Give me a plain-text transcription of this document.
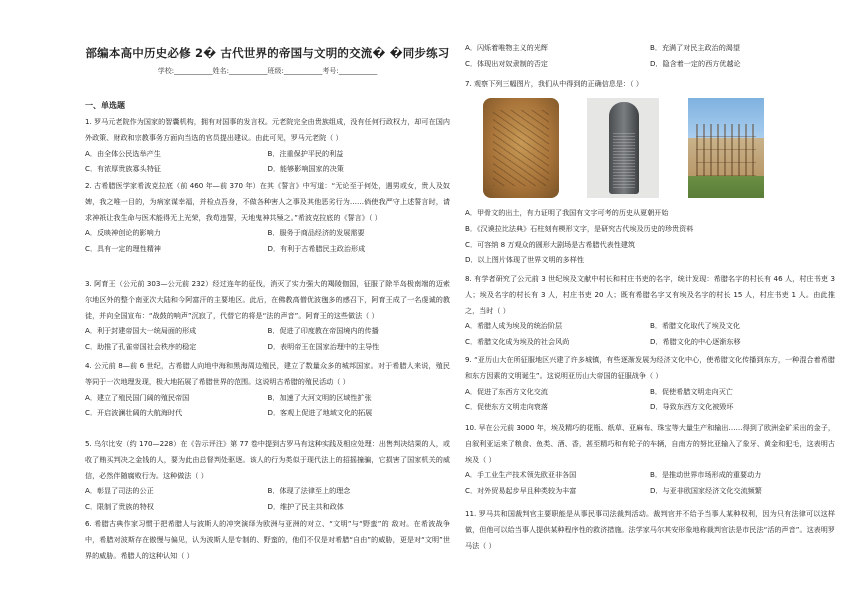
部编本高中历史必修 2� 古代世界的帝国与文明的交流� �同步练习
学校:___________姓名:___________班级:___________考号:___________
一、单选题
1. 罗马元老院作为国家的智囊机构，拥有对国事的发言权。元老院完全由贵族组成，没有任何行政权力，却可在国内外政策、财政和宗教事务方面向当选的官员提出建议。由此可见，罗马元老院（ ）
A．由全体公民选举产生	B．注重保护平民的利益
C．有浓厚贵族寡头特征	D．能够影响国家的决策
2. 古希腊医学家希波克拉底（前 460 年—前 370 年）在其《誓言》中写道：“无论至于何处，遇男或女，贵人及奴婢，我之唯一目的，为病家谋幸福，并检点吾身，不做各种害人之事及其他恶劣行为……倘使我严守上述誓言时，请求神祇让我生命与医术能得无上光荣，我苟违誓，天地鬼神共殛之。”希波克拉底的《誓言》（ ）
A．反映神创论的影响力	B．服务于商品经济的发展需要
C．具有一定的理性精神	D．有利于古希腊民主政治形成
3. 阿育王（公元前 303—公元前 232）经过连年的征伐，消灭了实力强大的羯陵伽国，征服了除半岛极南端的迈索尔地区外的整个南亚次大陆和今阿富汗的主要地区。此后，在佛教高僧优波毱多的感召下，阿育王成了一名虔诚的教徒，并向全国宣布：“战鼓的响声”沉寂了，代替它的将是“法的声音”。阿育王的这些做法（ ）
A．利于封建帝国大一统局面的形成	B．促进了印度教在帝国境内的传播
C．助推了孔雀帝国社会秩序的稳定	D．表明帝王在国家治理中的主导性
4. 公元前 8—前 6 世纪，古希腊人向地中海和黑海周边殖民，建立了数量众多的城邦国家。对于希腊人来说，殖民等同于一次地理发现，极大地拓展了希腊世界的范围。这说明古希腊的殖民活动（ ）
A．建立了殖民国门阔的殖民帝国	B．加速了大河文明的区域性扩张
C．开启波澜壮阔的大航海时代	D．客观上促进了地域文化的拓展
5. 乌尔比安（约 170—228）在《告示评注》第 77 卷中提到古罗马有这种实践及相应处理：出售判决结果的人，或收了贿买判决之金钱的人，要为此由总督判处驱逐。该人的行为类似于现代法上的招摇撞骗，它损害了国家机关的威信，必然伴随腐败行为。这种做法（ ）
A．彰显了司法的公正	B．体现了法律至上的理念
C．限制了贵族的特权	D．维护了民主共和政体
6. 希腊古典作家习惯于把希腊人与波斯人的冲突演绎为欧洲与亚洲的对立、“文明”与“野蛮”的 敌对。在希波战争中，希腊对波斯存在傲慢与偏见，认为波斯人是专制的、野蛮的，他们不仅是对希腊“自由”的威胁，更是对“文明”世界的威胁。希腊人的这种认知（ ）
A．闪烁着唯物主义的光辉	B．充满了对民主政治的渴望
C．体现出对奴隶制的否定	D．隐含着一定的西方优越论
7. 观察下列三幅图片，我们从中得到的正确信息是：（ ）
A．甲骨文的出土，有力证明了我国有文字可考的历史从夏朝开始
B．《汉谟拉比法典》石柱刻有楔形文字，是研究古代埃及历史的珍贵资料
C．可容纳 8 万观众的圆形大剧场是古希腊代表性建筑
D．以上图片体现了世界文明的多样性
8. 有学者研究了公元前 3 世纪埃及文献中村长和村庄书吏的名字，统计发现：希腊名字的村长有 46 人，村庄书吏 3 人；埃及名字的村长有 3 人，村庄书吏 20 人；既有希腊名字又有埃及名字的村长 15 人，村庄书吏 1 人。由此推之，当时（ ）
A．希腊人成为埃及的统治阶层	B．希腊文化取代了埃及文化
C．希腊文化成为埃及的社会风尚	D．希腊文化的中心逐渐东移
9. “亚历山大在所征服地区兴建了许多城镇，有些逐渐发展为经济文化中心，使希腊文化传播到东方，一种混合着希腊和东方因素的文明诞生”。这说明亚历山大帝国的征服战争（ ）
A．促进了东西方文化交流	B．促使希腊文明走向灭亡
C．促使东方文明走向衰落	D．导致东西方文化被毁坏
10. 早在公元前 3000 年，埃及精巧的花瓶、纸草、亚麻布、珠宝等大量生产和输出……得到了欧洲金矿采出的金子，自叙利亚运来了粮食、鱼类、酒、香，甚至精巧和有轮子的车辆，自南方的努比亚输入了象牙、黄金和犯毛，这表明古埃及（ ）
A．手工业生产技术领先欧亚非各国	B．是推动世界市场形成的重要动力
C．对外贸易起步早且种类较为丰富	D．与亚非欧国家经济文化交流频繁
11. 罗马共和国裁判官主要职能是从事民事司法裁判活动。裁判官并不给予当事人某种权利，因为只有法律可以这样做，但他可以给当事人提供某种程序性的救济措施。法学家马尔其安形象地称裁判官法是市民法“活的声音”。这表明罗马法（ ）
